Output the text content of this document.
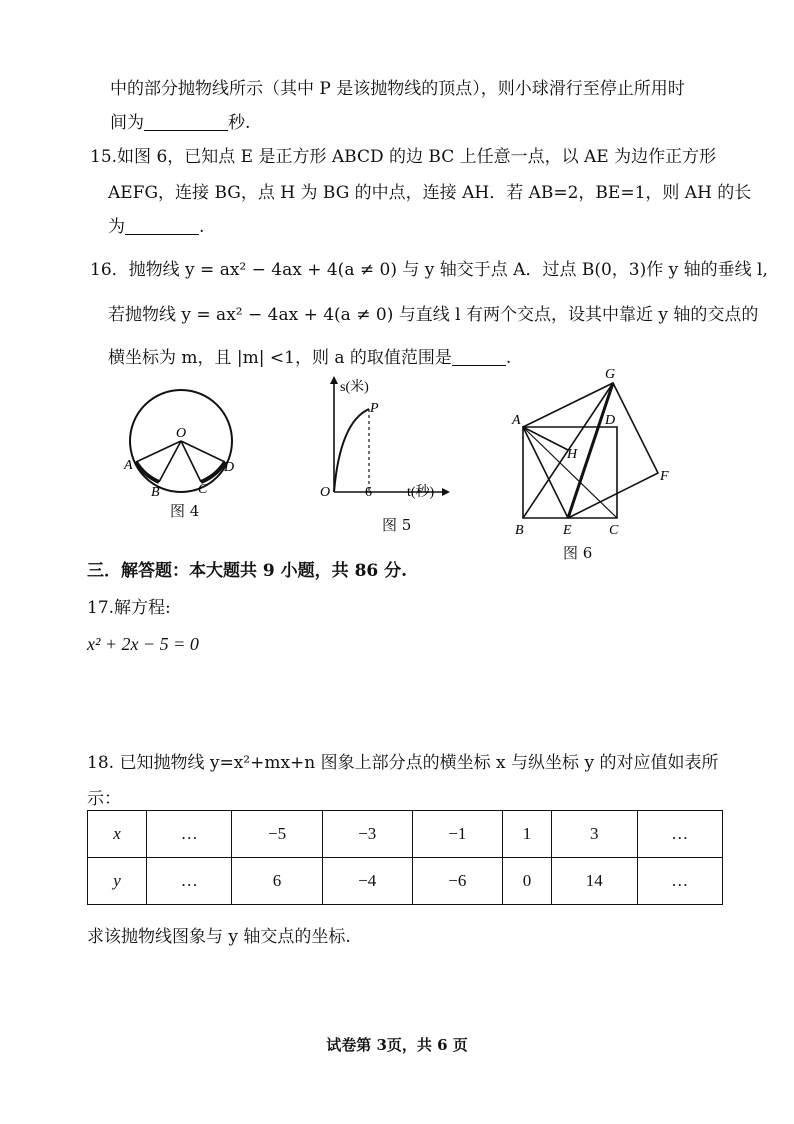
中的部分抛物线所示（其中 P 是该抛物线的顶点），则小球滑行至停止所用时
间为	秒.
15.如图 6，已知点 E 是正方形 ABCD 的边 BC 上任意一点，以 AE 为边作正方形
AEFG，连接 BG，点 H 为 BG 的中点，连接 AH．若 AB=2，BE=1，则 AH 的长
为	.
16．抛物线 y = ax² − 4ax + 4(a ≠ 0) 与 y 轴交于点 A．过点 B(0，3)作 y 轴的垂线 l,
若抛物线 y = ax² − 4ax + 4(a ≠ 0) 与直线 l 有两个交点，设其中靠近 y 轴的交点的
横坐标为 m，且 |m| <1，则 a 的取值范围是	.
O
A
B	C
D
图 4
s(米)
P
O 6	t(秒)
图 5
G
A	D
H
F
B	E	C
图 6
三．解答题：本大题共 9 小题，共 86 分.
17.解方程:
x² + 2x − 5 = 0
18. 已知抛物线 y=x²+mx+n 图象上部分点的横坐标 x 与纵坐标 y 的对应值如表所
示：
x	…	−5	−3	−1	1	3	…
y	…	6	−4	−6	0	14	…
求该抛物线图象与 y 轴交点的坐标.
试卷第 3页，共 6 页
